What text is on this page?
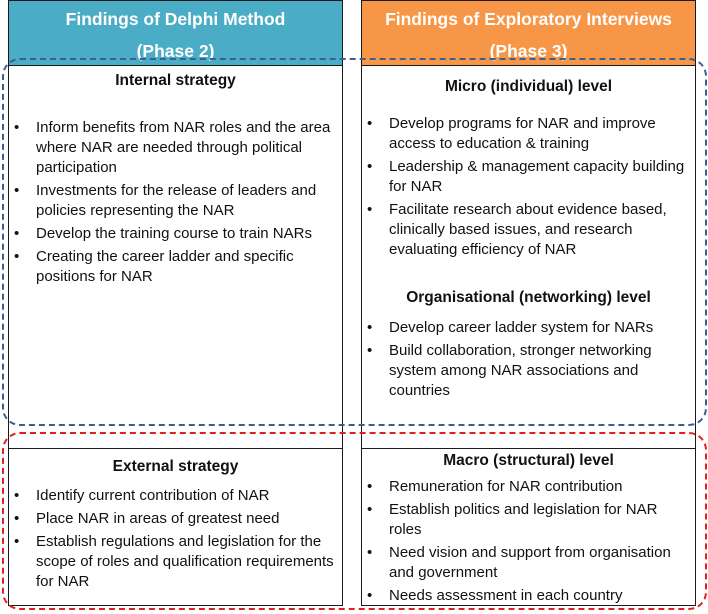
Findings of Delphi Method
(Phase 2)
Findings of Exploratory Interviews
(Phase 3)
Internal strategy
• Inform benefits from NAR roles and the area where NAR are needed through political participation
• Investments for the release of leaders and policies representing the NAR
• Develop the training course to train NARs
• Creating the career ladder and specific positions for NAR
External strategy
• Identify current contribution of NAR
• Place NAR in areas of greatest need
• Establish regulations and legislation for the scope of roles and qualification requirements for NAR
Micro (individual) level
• Develop programs for NAR and improve access to education & training
• Leadership & management capacity building for NAR
• Facilitate research about evidence based, clinically based issues, and research evaluating efficiency of NAR
Organisational (networking) level
• Develop career ladder system for NARs
• Build collaboration, stronger networking system among NAR associations and countries
Macro (structural) level
• Remuneration for NAR contribution
• Establish politics and legislation for NAR roles
• Need vision and support from organisation and government
• Needs assessment in each country
